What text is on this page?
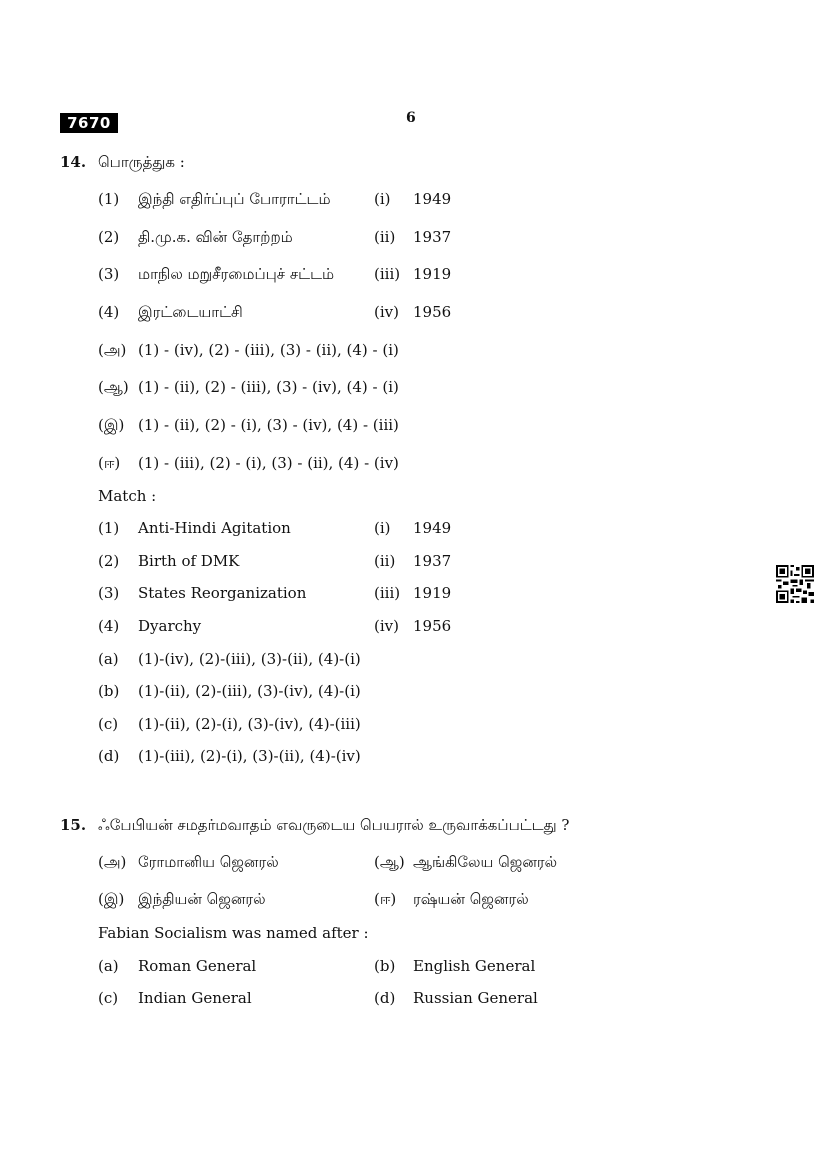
7670	6
14. பொருத்துக :
(1) இந்தி எதிர்ப்புப் போராட்டம்	(i) 1949
(2) தி.மு.க. வின் தோற்றம்	(ii) 1937
(3) மாநில மறுசீரமைப்புச் சட்டம்	(iii) 1919
(4) இரட்டையாட்சி	(iv) 1956
(அ) (1) - (iv), (2) - (iii), (3) - (ii), (4) - (i)
(ஆ) (1) - (ii), (2) - (iii), (3) - (iv), (4) - (i)
(இ) (1) - (ii), (2) - (i), (3) - (iv), (4) - (iii)
(ஈ) (1) - (iii), (2) - (i), (3) - (ii), (4) - (iv)
Match :
(1) Anti-Hindi Agitation	(i) 1949
(2) Birth of DMK	(ii) 1937
(3) States Reorganization	(iii) 1919
(4) Dyarchy	(iv) 1956
(a) (1)-(iv), (2)-(iii), (3)-(ii), (4)-(i)
(b) (1)-(ii), (2)-(iii), (3)-(iv), (4)-(i)
(c) (1)-(ii), (2)-(i), (3)-(iv), (4)-(iii)
(d) (1)-(iii), (2)-(i), (3)-(ii), (4)-(iv)
15. ஃபேபியன் சமதர்மவாதம் எவருடைய பெயரால் உருவாக்கப்பட்டது ?
(அ) ரோமானிய ஜெனரல்	(ஆ) ஆங்கிலேய ஜெனரல்
(இ) இந்தியன் ஜெனரல்	(ஈ) ரஷ்யன் ஜெனரல்
Fabian Socialism was named after :
(a) Roman General	(b) English General
(c) Indian General	(d) Russian General
